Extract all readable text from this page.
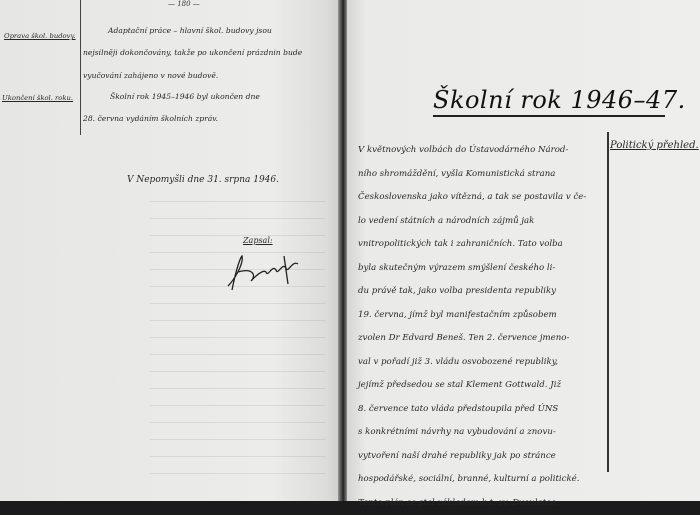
— 180 —
Oprava škol. budovy.
Ukončení škol. roku.
Adaptační práce – hlavní škol. budovy jsou
nejsilněji dokončovány, takže po ukončení prázdnin bude
vyučování zahájeno v nové budově.
Školní rok 1945–1946 byl ukončen dne
28. června vydáním školních zpráv.
V Nepomyšli dne 31. srpna 1946.
Zapsal:
Školní rok 1946–47.
Politický přehled.
V květnových volbách do Ústavodárného Národ-
ního shromáždění, vyšla Komunistická strana
Československa jako vítězná, a tak se postavila v če-
lo vedení státních a národních zájmů jak
vnitropolitických tak i zahraničních. Tato volba
byla skutečným výrazem smýšlení českého li-
du právě tak, jako volba presidenta republiky
19. června, jímž byl manifestačním způsobem
zvolen Dr Edvard Beneš. Ten 2. července jmeno-
val v pořadí již 3. vládu osvobozené republiky,
jejímž předsedou se stal Klement Gottwald. Již
8. července tato vláda předstoupila před ÚNS
s konkrétními návrhy na vybudování a znovu-
vytvoření naší drahé republiky jak po stránce
hospodářské, sociální, branné, kulturní a politické.
Tento plán se stal základem k t. zv. Dvouletce,
